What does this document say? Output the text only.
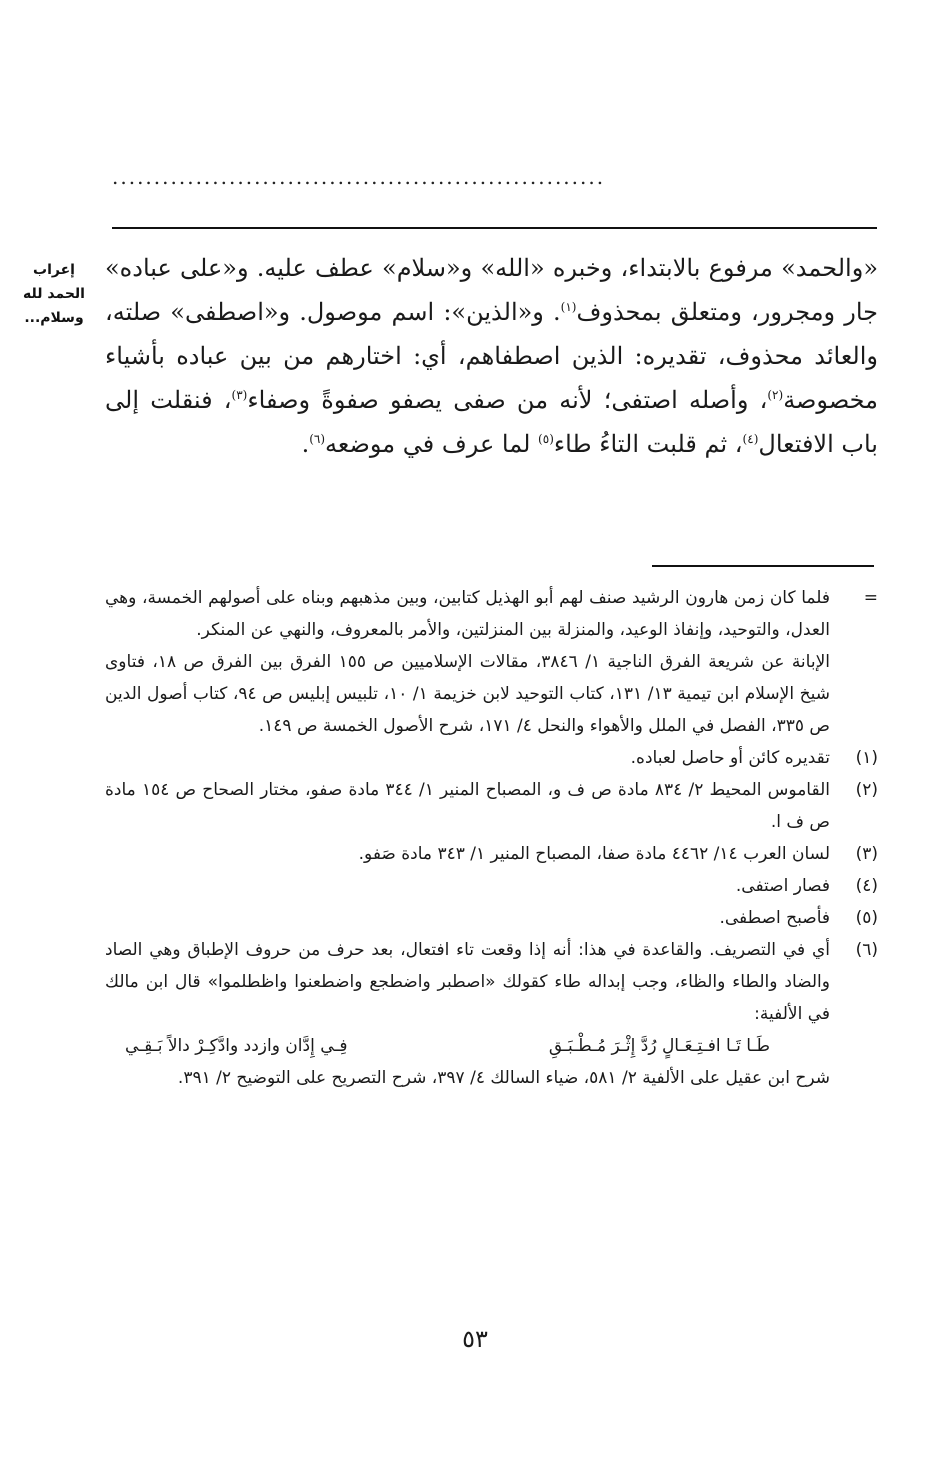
...........................................................
إعراب
الحمد لله
وسلام...

«والحمد» مرفوع بالابتداء، وخبره «الله» و«سلام» عطف عليه. و«على عباده» جار ومجرور، ومتعلق بمحذوف$^{(١)}$. و«الذين»: اسم موصول. و«اصطفى» صلته، والعائد محذوف، تقديره: الذين اصطفاهم، أي: اختارهم من بين عباده بأشياء مخصوصة$^{(٢)}$، وأصله اصتفى؛ لأنه من صفى يصفو صفوةً وصفاء$^{(٣)}$، فنقلت إلى باب الافتعال$^{(٤)}$، ثم قلبت التاءُ طاء$^{(٥)}$ لما عرف في موضعه$^{(٦)}$.

=

فلما كان زمن هارون الرشيد صنف لهم أبو الهذيل كتابين، وبين مذهبهم وبناه على أصولهم الخمسة، وهي العدل، والتوحيد، وإنفاذ الوعيد، والمنزلة بين المنزلتين، والأمر بالمعروف، والنهي عن المنكر.

الإبانة عن شريعة الفرق الناجية ١/ ٣٨٤٦، مقالات الإسلاميين ص ١٥٥ الفرق بين الفرق ص ١٨، فتاوى شيخ الإسلام ابن تيمية ١٣/ ١٣١، كتاب التوحيد لابن خزيمة ١/ ١٠، تلبيس إبليس ص ٩٤، كتاب أصول الدين ص ٣٣٥، الفصل في الملل والأهواء والنحل ٤/ ١٧١، شرح الأصول الخمسة ص ١٤٩.

(١)
تقديره كائن أو حاصل لعباده.
(٢)
القاموس المحيط ٢/ ٨٣٤ مادة ص ف و، المصباح المنير ١/ ٣٤٤ مادة صفو، مختار الصحاح ص ١٥٤ مادة ص ف ا.
(٣)
لسان العرب ١٤/ ٤٤٦٢ مادة صفا، المصباح المنير ١/ ٣٤٣ مادة صَفو.
(٤)
فصار اصتفى.
(٥)
فأصبح اصطفى.
(٦)

أي في التصريف. والقاعدة في هذا: أنه إذا وقعت تاء افتعال، بعد حرف من حروف الإطباق وهي الصاد والضاد والطاء والظاء، وجب إبداله طاء كقولك «اصطبر واضطجع واضطعنوا واظطلموا» قال ابن مالك في الألفية:

طَـا تَـا افـتِـعَـالٍ رُدَّ إِثْـرَ مُـطْـبَـقِ
فِـي إِدَّان وازدد وادَّكِـرْ دالاً بَـقِـي

شرح ابن عقيل على الألفية ٢/ ٥٨١، ضياء السالك ٤/ ٣٩٧، شرح التصريح على التوضيح ٢/ ٣٩١.

٥٣
